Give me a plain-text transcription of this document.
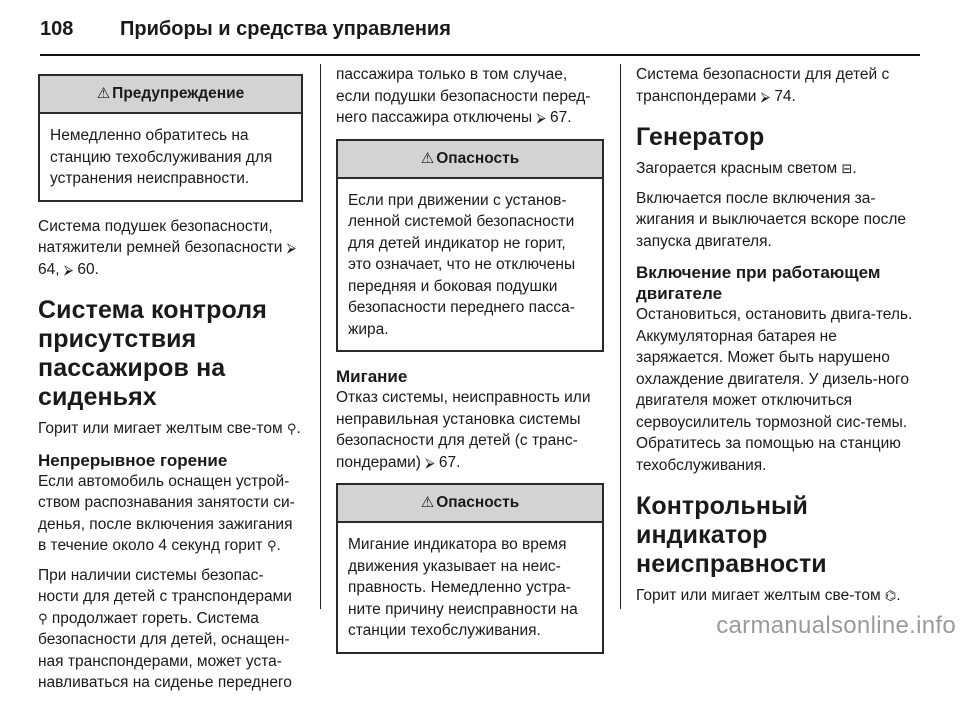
108 Приборы и средства управления
⚠ Предупреждение
Немедленно обратитесь на станцию техобслуживания для устранения неисправности.

Система подушек безопасности, натяжители ремней безопасности ⮚ 64, ⮚ 60.

Система контроля присутствия пассажиров на сиденьях

Горит или мигает желтым све-том ⚲.

Непрерывное горение

Если автомобиль оснащен устрой-ством распознавания занятости си-денья, после включения зажигания в течение около 4 секунд горит ⚲.

При наличии системы безопас-ности для детей с транспондерами ⚲ продолжает гореть. Система безопасности для детей, оснащен-ная транспондерами, может уста-навливаться на сиденье переднего

пассажира только в том случае, если подушки безопасности перед-него пассажира отключены ⮚ 67.

⚠ Опасность
Если при движении с установ-ленной системой безопасности для детей индикатор не горит, это означает, что не отключены передняя и боковая подушки безопасности переднего пасса-жира.
Мигание

Отказ системы, неисправность или неправильная установка системы безопасности для детей (с транс-пондерами) ⮚ 67.

⚠ Опасность
Мигание индикатора во время движения указывает на неис-правность. Немедленно устра-ните причину неисправности на станции техобслуживания.

Система безопасности для детей с транспондерами ⮚ 74.

Генератор

Загорается красным светом ⊟.

Включается после включения за-жигания и выключается вскоре после запуска двигателя.

Включение при работающем двигателе

Остановиться, остановить двига-тель. Аккумуляторная батарея не заряжается. Может быть нарушено охлаждение двигателя. У дизель-ного двигателя может отключиться сервоусилитель тормозной сис-темы. Обратитесь за помощью на станцию техобслуживания.

Контрольный индикатор неисправности

Горит или мигает желтым све-том ⌬.

carmanualsonline.info
